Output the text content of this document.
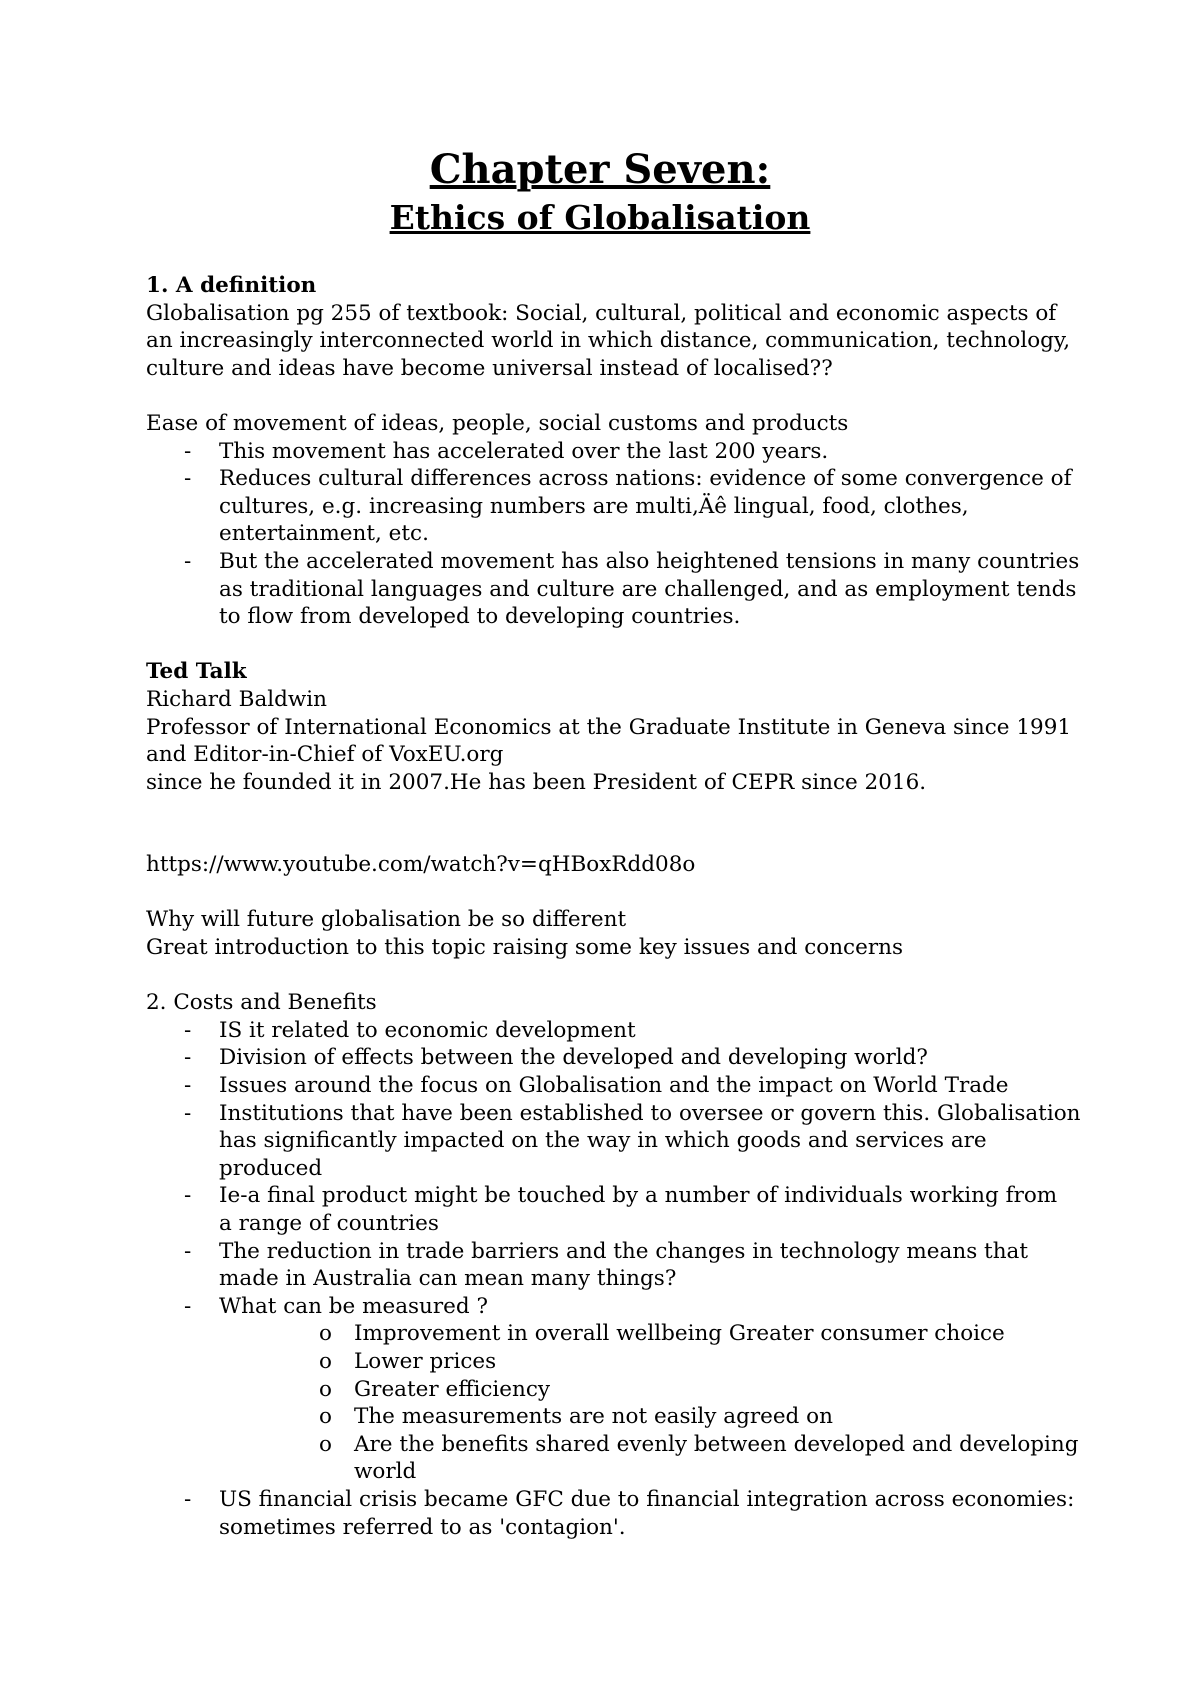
Chapter Seven:
Ethics of Globalisation

1. A definition

Globalisation pg 255 of textbook: Social, cultural, political and economic aspects of

an increasingly interconnected world in which distance, communication, technology,

culture and ideas have become universal instead of localised??

Ease of movement of ideas, people, social customs and products

- This movement has accelerated over the last 200 years.

- Reduces cultural differences across nations: evidence of some convergence of

cultures, e.g. increasing numbers are multi‚Äê lingual, food, clothes,

entertainment, etc.

- But the accelerated movement has also heightened tensions in many countries

as traditional languages and culture are challenged, and as employment tends

to flow from developed to developing countries.

Ted Talk

Richard Baldwin

Professor of International Economics at the Graduate Institute in Geneva since 1991

and Editor-in-Chief of VoxEU.org

since he founded it in 2007.He has been President of CEPR since 2016.

https://www.youtube.com/watch?v=qHBoxRdd08o

Why will future globalisation be so different

Great introduction to this topic raising some key issues and concerns

2. Costs and Benefits

- IS it related to economic development

- Division of effects between the developed and developing world?

- Issues around the focus on Globalisation and the impact on World Trade

- Institutions that have been established to oversee or govern this. Globalisation

has significantly impacted on the way in which goods and services are

produced

- Ie-a final product might be touched by a number of individuals working from

a range of countries

- The reduction in trade barriers and the changes in technology means that

made in Australia can mean many things?

- What can be measured ?

o Improvement in overall wellbeing Greater consumer choice

o Lower prices

o Greater efficiency

o The measurements are not easily agreed on

o Are the benefits shared evenly between developed and developing

world

- US financial crisis became GFC due to financial integration across economies:

sometimes referred to as 'contagion'.
